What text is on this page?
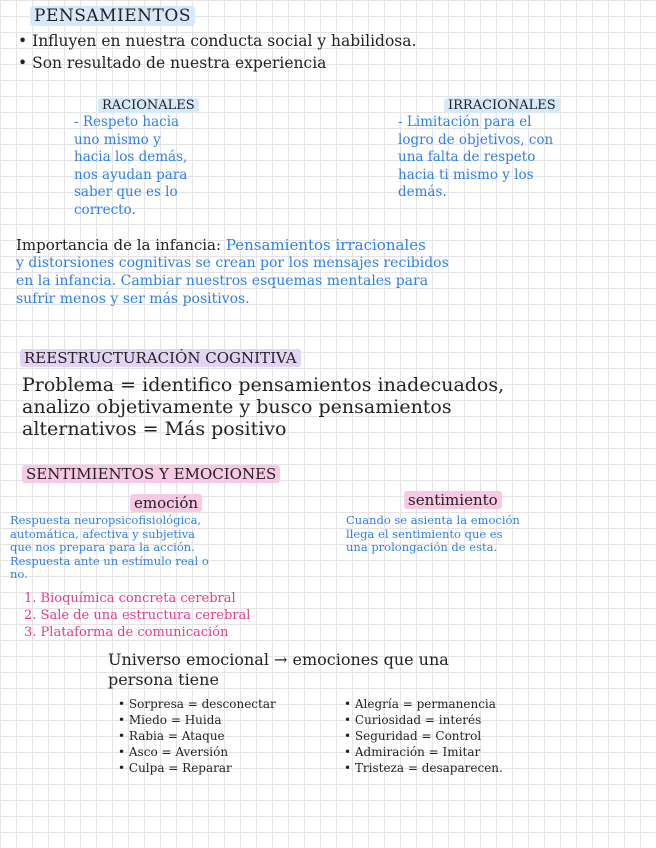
PENSAMIENTOS

• Influyen en nuestra conducta social y habilidosa.

• Son resultado de nuestra experiencia

RACIONALES

- Respeto hacia

uno mismo y

hacia los demás,

nos ayudan para

saber que es lo

correcto.

IRRACIONALES

- Limitación para el

logro de objetivos, con

una falta de respeto

hacia ti mismo y los

demás.

Importancia de la infancia: Pensamientos irracionales

y distorsiones cognitivas se crean por los mensajes recibidos

en la infancia. Cambiar nuestros esquemas mentales para

sufrir menos y ser más positivos.

REESTRUCTURACIÓN COGNITIVA

Problema = identifico pensamientos inadecuados,

analizo objetivamente y busco pensamientos

alternativos = Más positivo

SENTIMIENTOS Y EMOCIONES
emoción

Respuesta neuropsicofisiológica,

automática, afectiva y subjetiva

que nos prepara para la acción.

Respuesta ante un estímulo real o

no.

sentimiento

Cuando se asienta la emoción

llega el sentimiento que es

una prolongación de esta.

1. Bioquímica concreta cerebral

2. Sale de una estructura cerebral

3. Plataforma de comunicación

Universo emocional → emociones que una

persona tiene

• Sorpresa = desconectar

• Miedo = Huida

• Rabia = Ataque

• Asco = Aversión

• Culpa = Reparar

• Alegría = permanencia

• Curiosidad = interés

• Seguridad = Control

• Admiración = Imitar

• Tristeza = desaparecen.
